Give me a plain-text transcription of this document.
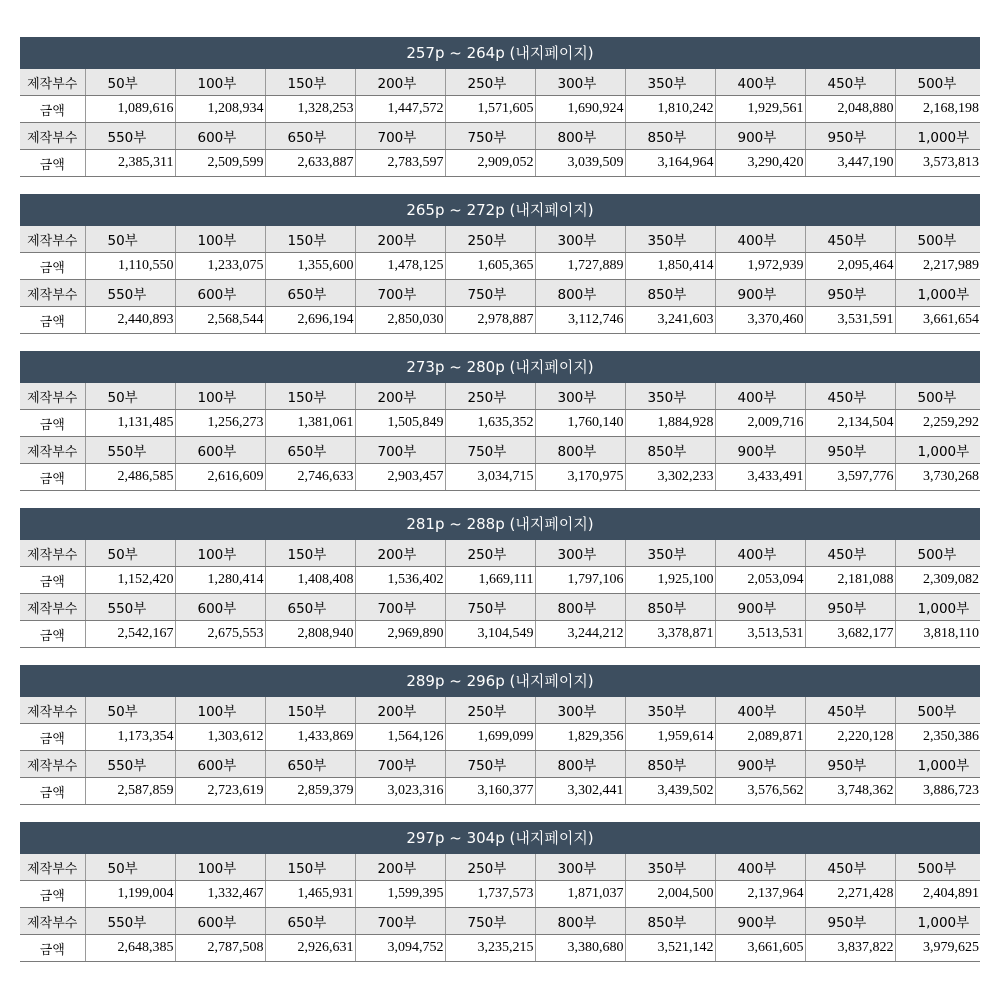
257p ~ 264p (내지페이지)
제작부수	50부	100부	150부	200부	250부	300부	350부	400부	450부	500부
금액	1,089,616	1,208,934	1,328,253	1,447,572	1,571,605	1,690,924	1,810,242	1,929,561	2,048,880	2,168,198
제작부수	550부	600부	650부	700부	750부	800부	850부	900부	950부	1,000부
금액	2,385,311	2,509,599	2,633,887	2,783,597	2,909,052	3,039,509	3,164,964	3,290,420	3,447,190	3,573,813
265p ~ 272p (내지페이지)
제작부수	50부	100부	150부	200부	250부	300부	350부	400부	450부	500부
금액	1,110,550	1,233,075	1,355,600	1,478,125	1,605,365	1,727,889	1,850,414	1,972,939	2,095,464	2,217,989
제작부수	550부	600부	650부	700부	750부	800부	850부	900부	950부	1,000부
금액	2,440,893	2,568,544	2,696,194	2,850,030	2,978,887	3,112,746	3,241,603	3,370,460	3,531,591	3,661,654
273p ~ 280p (내지페이지)
제작부수	50부	100부	150부	200부	250부	300부	350부	400부	450부	500부
금액	1,131,485	1,256,273	1,381,061	1,505,849	1,635,352	1,760,140	1,884,928	2,009,716	2,134,504	2,259,292
제작부수	550부	600부	650부	700부	750부	800부	850부	900부	950부	1,000부
금액	2,486,585	2,616,609	2,746,633	2,903,457	3,034,715	3,170,975	3,302,233	3,433,491	3,597,776	3,730,268
281p ~ 288p (내지페이지)
제작부수	50부	100부	150부	200부	250부	300부	350부	400부	450부	500부
금액	1,152,420	1,280,414	1,408,408	1,536,402	1,669,111	1,797,106	1,925,100	2,053,094	2,181,088	2,309,082
제작부수	550부	600부	650부	700부	750부	800부	850부	900부	950부	1,000부
금액	2,542,167	2,675,553	2,808,940	2,969,890	3,104,549	3,244,212	3,378,871	3,513,531	3,682,177	3,818,110
289p ~ 296p (내지페이지)
제작부수	50부	100부	150부	200부	250부	300부	350부	400부	450부	500부
금액	1,173,354	1,303,612	1,433,869	1,564,126	1,699,099	1,829,356	1,959,614	2,089,871	2,220,128	2,350,386
제작부수	550부	600부	650부	700부	750부	800부	850부	900부	950부	1,000부
금액	2,587,859	2,723,619	2,859,379	3,023,316	3,160,377	3,302,441	3,439,502	3,576,562	3,748,362	3,886,723
297p ~ 304p (내지페이지)
제작부수	50부	100부	150부	200부	250부	300부	350부	400부	450부	500부
금액	1,199,004	1,332,467	1,465,931	1,599,395	1,737,573	1,871,037	2,004,500	2,137,964	2,271,428	2,404,891
제작부수	550부	600부	650부	700부	750부	800부	850부	900부	950부	1,000부
금액	2,648,385	2,787,508	2,926,631	3,094,752	3,235,215	3,380,680	3,521,142	3,661,605	3,837,822	3,979,625
